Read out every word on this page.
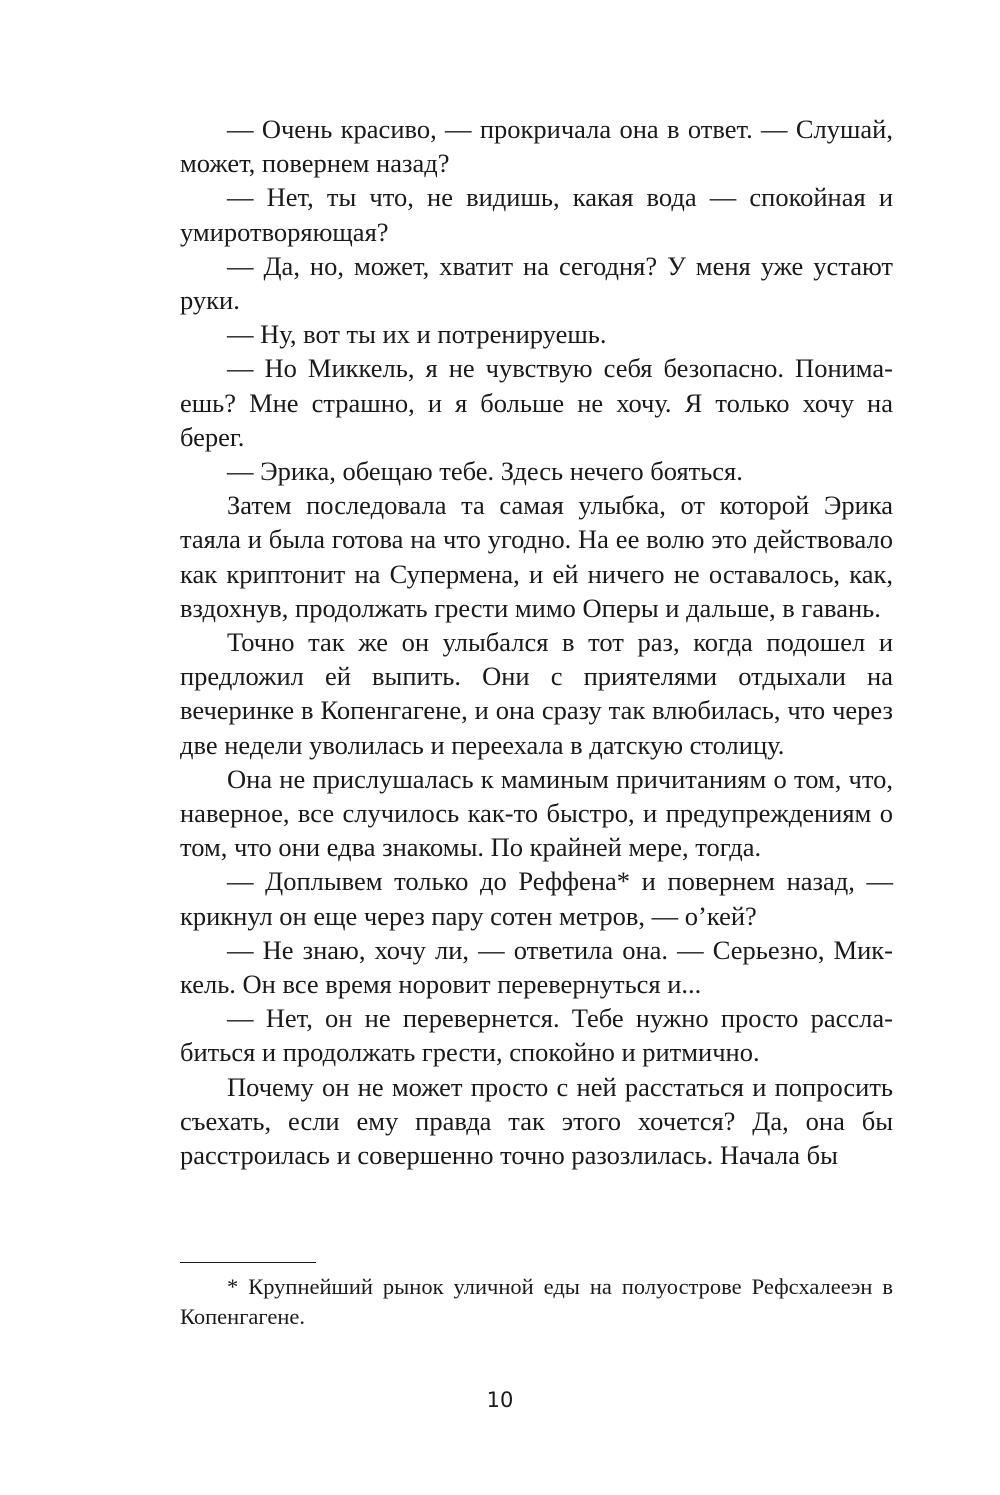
— Очень красиво, — прокричала она в ответ. — Слушай, может, повернем назад?

— Нет, ты что, не видишь, какая вода — спокойная и умиротворяющая?

— Да, но, может, хватит на сегодня? У меня уже устают руки.

— Ну, вот ты их и потренируешь.

— Но Миккель, я не чувствую себя безопасно. Понимаешь? Мне страшно, и я больше не хочу. Я только хочу на берег.

— Эрика, обещаю тебе. Здесь нечего бояться.

Затем последовала та самая улыбка, от которой Эрика таяла и была готова на что угодно. На ее волю это действовало как криптонит на Супермена, и ей ничего не оставалось, как, вздохнув, продолжать грести мимо Оперы и дальше, в гавань.

Точно так же он улыбался в тот раз, когда подошел и предложил ей выпить. Они с приятелями отдыхали на вечеринке в Копенгагене, и она сразу так влюбилась, что через две недели уволилась и переехала в датскую столицу.

Она не прислушалась к маминым причитаниям о том, что, наверное, все случилось как-то быстро, и предупреждениям о том, что они едва знакомы. По крайней мере, тогда.

— Доплывем только до Реффена* и повернем назад, — крикнул он еще через пару сотен метров, — о’кей?

— Не знаю, хочу ли, — ответила она. — Серьезно, Миккель. Он все время норовит перевернуться и...

— Нет, он не перевернется. Тебе нужно просто расслабиться и продолжать грести, спокойно и ритмично.

Почему он не может просто с ней расстаться и попросить съехать, если ему правда так этого хочется? Да, она бы расстроилась и совершенно точно разозлилась. Начала бы

* Крупнейший рынок уличной еды на полуострове Рефсхалееэн в Копенгагене.

10
